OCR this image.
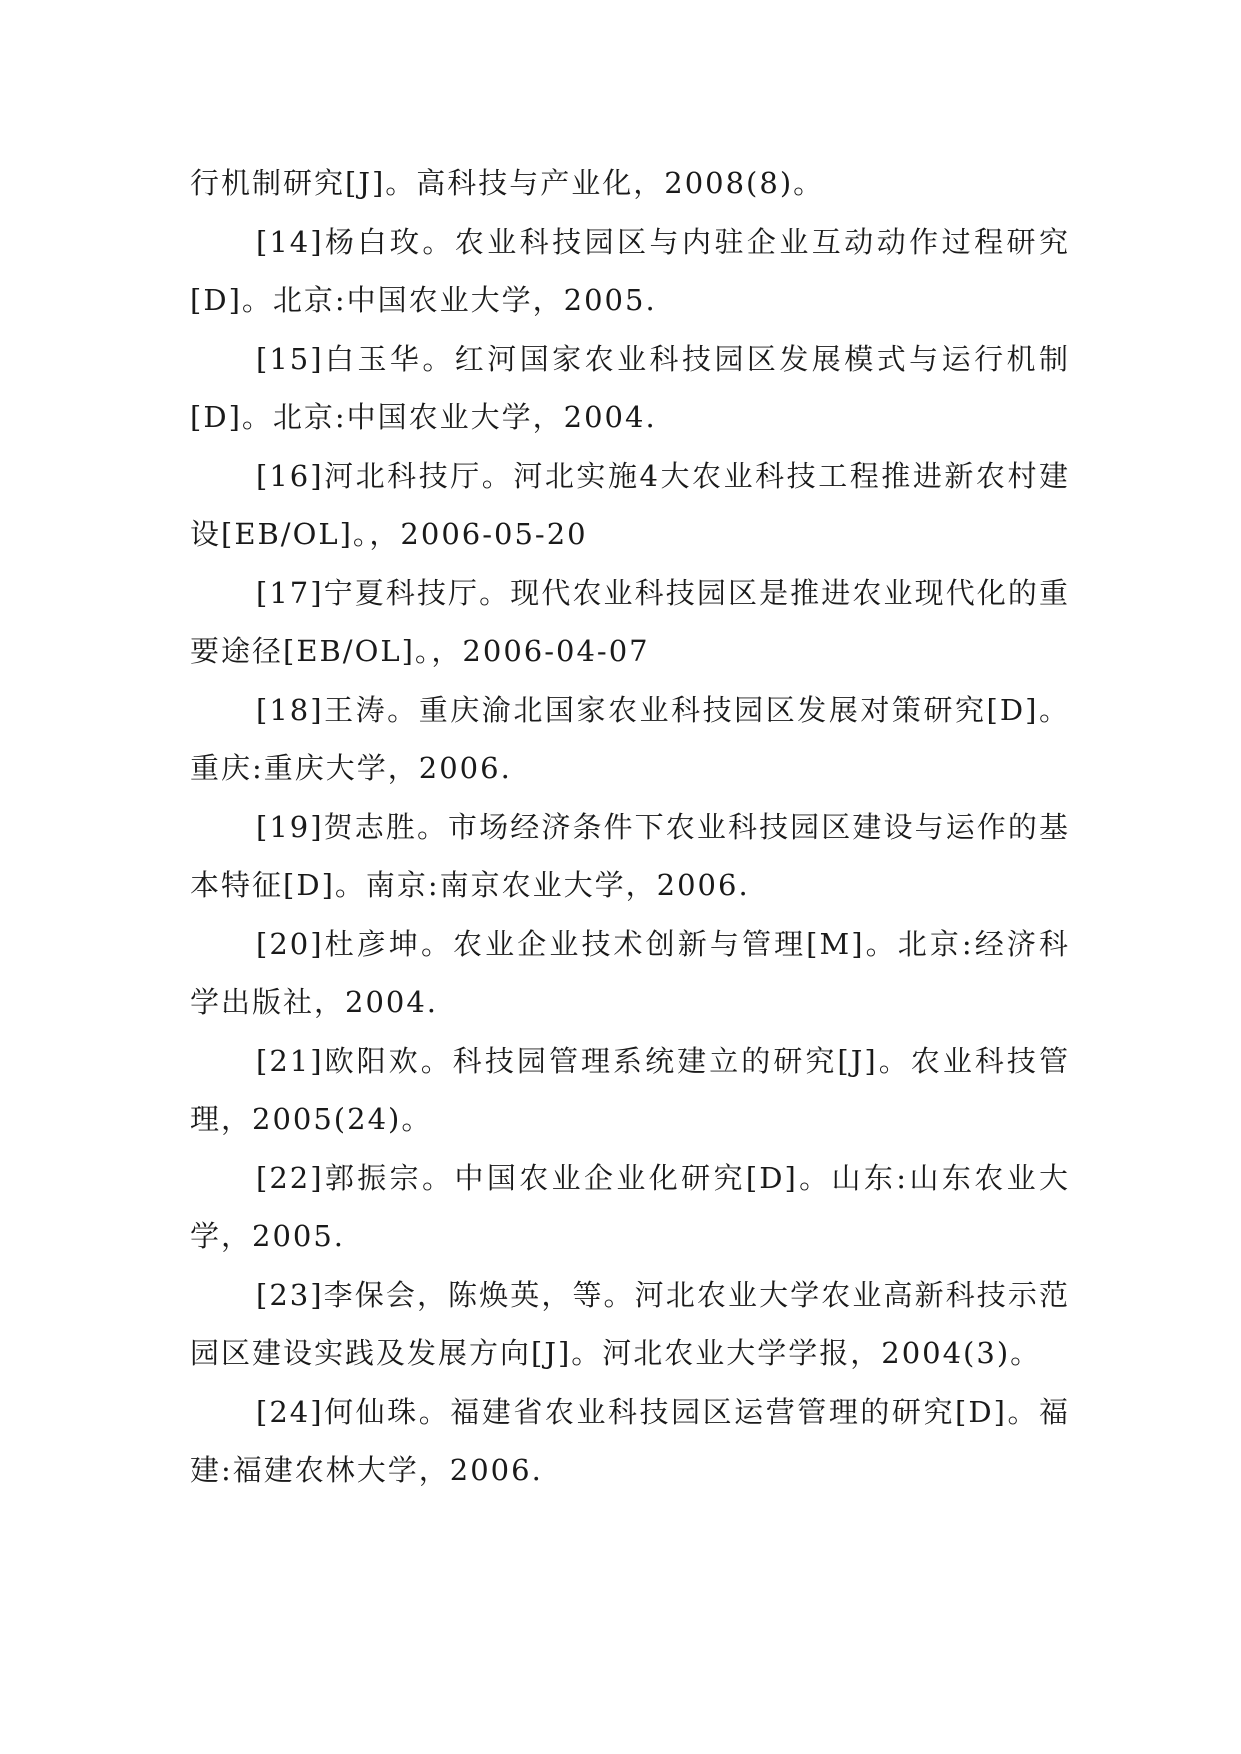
行机制研究[J]。高科技与产业化，2008(8)。

[14]杨白玫。农业科技园区与内驻企业互动动作过程研究[D]。北京:中国农业大学，2005.

[15]白玉华。红河国家农业科技园区发展模式与运行机制[D]。北京:中国农业大学，2004.

[16]河北科技厅。河北实施4大农业科技工程推进新农村建设[EB/OL]。，2006-05-20

[17]宁夏科技厅。现代农业科技园区是推进农业现代化的重要途径[EB/OL]。，2006-04-07

[18]王涛。重庆渝北国家农业科技园区发展对策研究[D]。重庆:重庆大学，2006.

[19]贺志胜。市场经济条件下农业科技园区建设与运作的基本特征[D]。南京:南京农业大学，2006.

[20]杜彦坤。农业企业技术创新与管理[M]。北京:经济科学出版社，2004.

[21]欧阳欢。科技园管理系统建立的研究[J]。农业科技管理，2005(24)。

[22]郭振宗。中国农业企业化研究[D]。山东:山东农业大学，2005.

[23]李保会，陈焕英，等。河北农业大学农业高新科技示范园区建设实践及发展方向[J]。河北农业大学学报，2004(3)。

[24]何仙珠。福建省农业科技园区运营管理的研究[D]。福建:福建农林大学，2006.
